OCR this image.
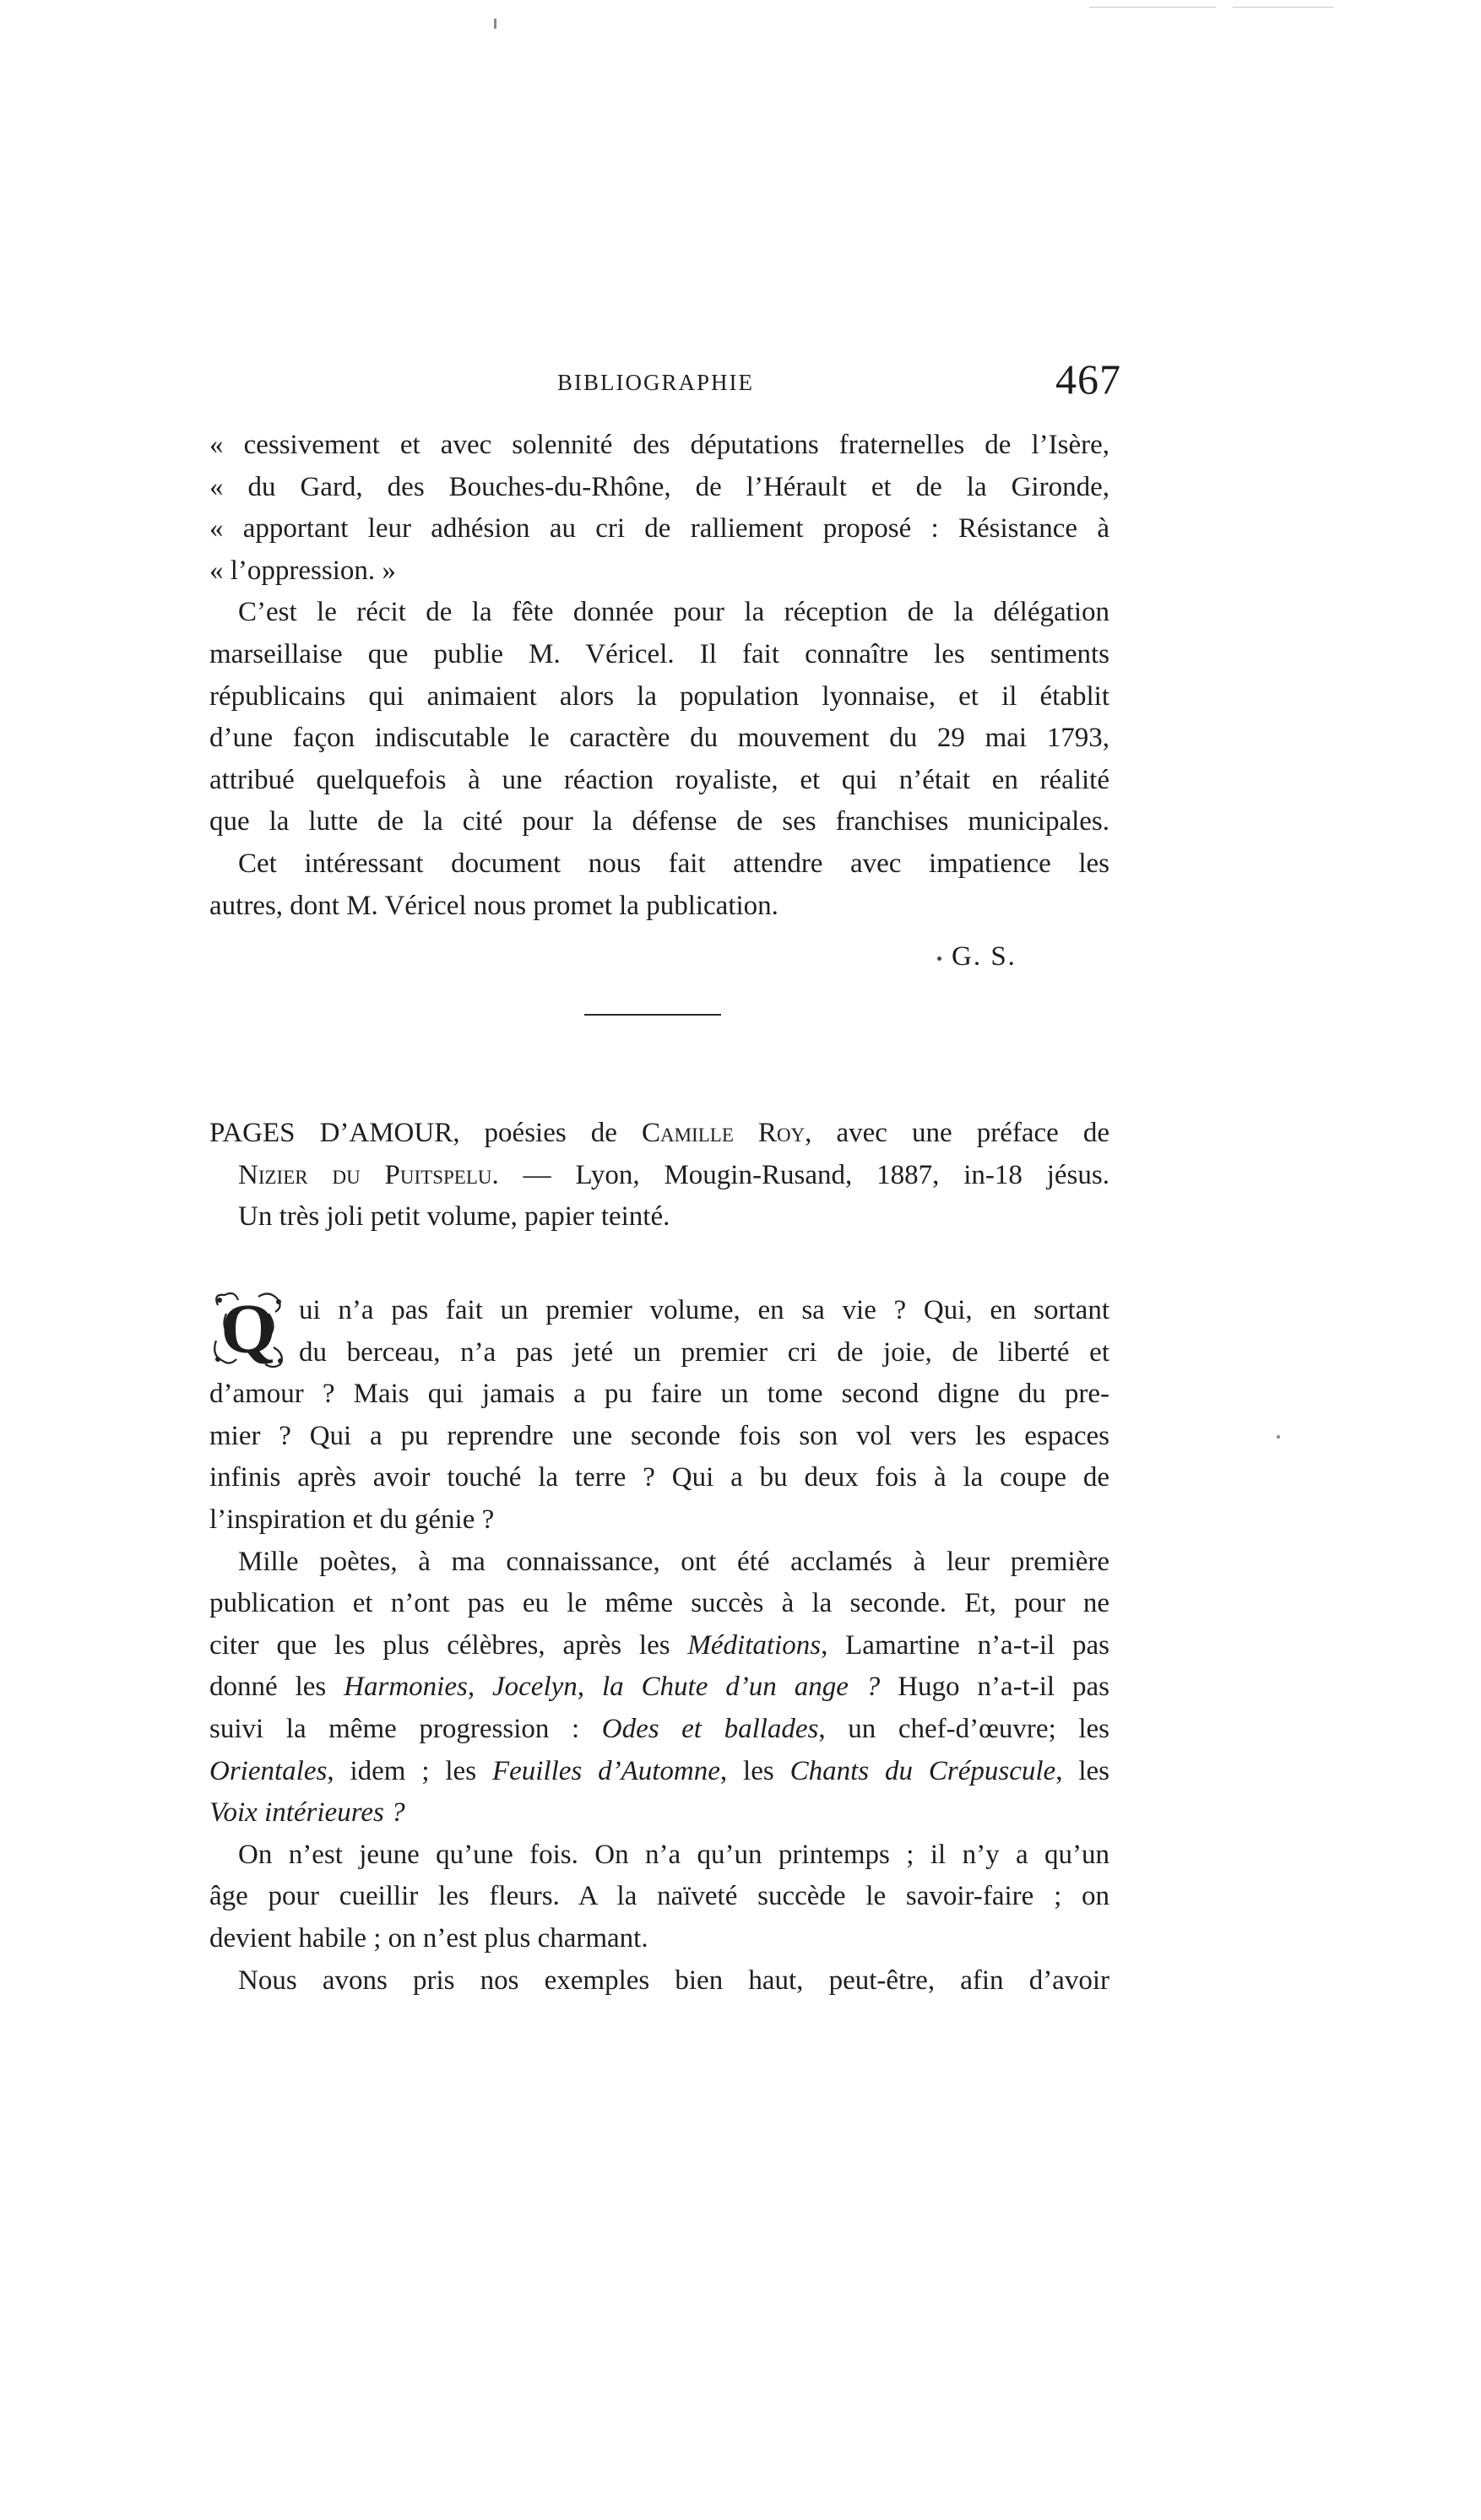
BIBLIOGRAPHIE	467
« cessivement et avec solennité des députations fraternelles de l’Isère,
« du Gard, des Bouches-du-Rhône, de l’Hérault et de la Gironde,
« apportant leur adhésion au cri de ralliement proposé : Résistance à
« l’oppression. »
C’est le récit de la fête donnée pour la réception de la délégation
marseillaise que publie M. Véricel. Il fait connaître les sentiments
républicains qui animaient alors la population lyonnaise, et il établit
d’une façon indiscutable le caractère du mouvement du 29 mai 1793,
attribué quelquefois à une réaction royaliste, et qui n’était en réalité
que la lutte de la cité pour la défense de ses franchises municipales.
Cet intéressant document nous fait attendre avec impatience les
autres, dont M. Véricel nous promet la publication.
G. S.
PAGES D’AMOUR, poésies de Camille Roy, avec une préface de
Nizier du Puitspelu. — Lyon, Mougin-Rusand, 1887, in-18 jésus.
Un très joli petit volume, papier teinté.
Q ui n’a pas fait un premier volume, en sa vie ? Qui, en sortant
du berceau, n’a pas jeté un premier cri de joie, de liberté et
d’amour ? Mais qui jamais a pu faire un tome second digne du pre-
mier ? Qui a pu reprendre une seconde fois son vol vers les espaces
infinis après avoir touché la terre ? Qui a bu deux fois à la coupe de
l’inspiration et du génie ?
Mille poètes, à ma connaissance, ont été acclamés à leur première
publication et n’ont pas eu le même succès à la seconde. Et, pour ne
citer que les plus célèbres, après les Méditations, Lamartine n’a-t-il pas
donné les Harmonies, Jocelyn, la Chute d’un ange ? Hugo n’a-t-il pas
suivi la même progression : Odes et ballades, un chef-d’œuvre; les
Orientales, idem ; les Feuilles d’Automne, les Chants du Crépuscule, les
Voix intérieures ?
On n’est jeune qu’une fois. On n’a qu’un printemps ; il n’y a qu’un
âge pour cueillir les fleurs. A la naïveté succède le savoir-faire ; on
devient habile ; on n’est plus charmant.
Nous avons pris nos exemples bien haut, peut-être, afin d’avoir
